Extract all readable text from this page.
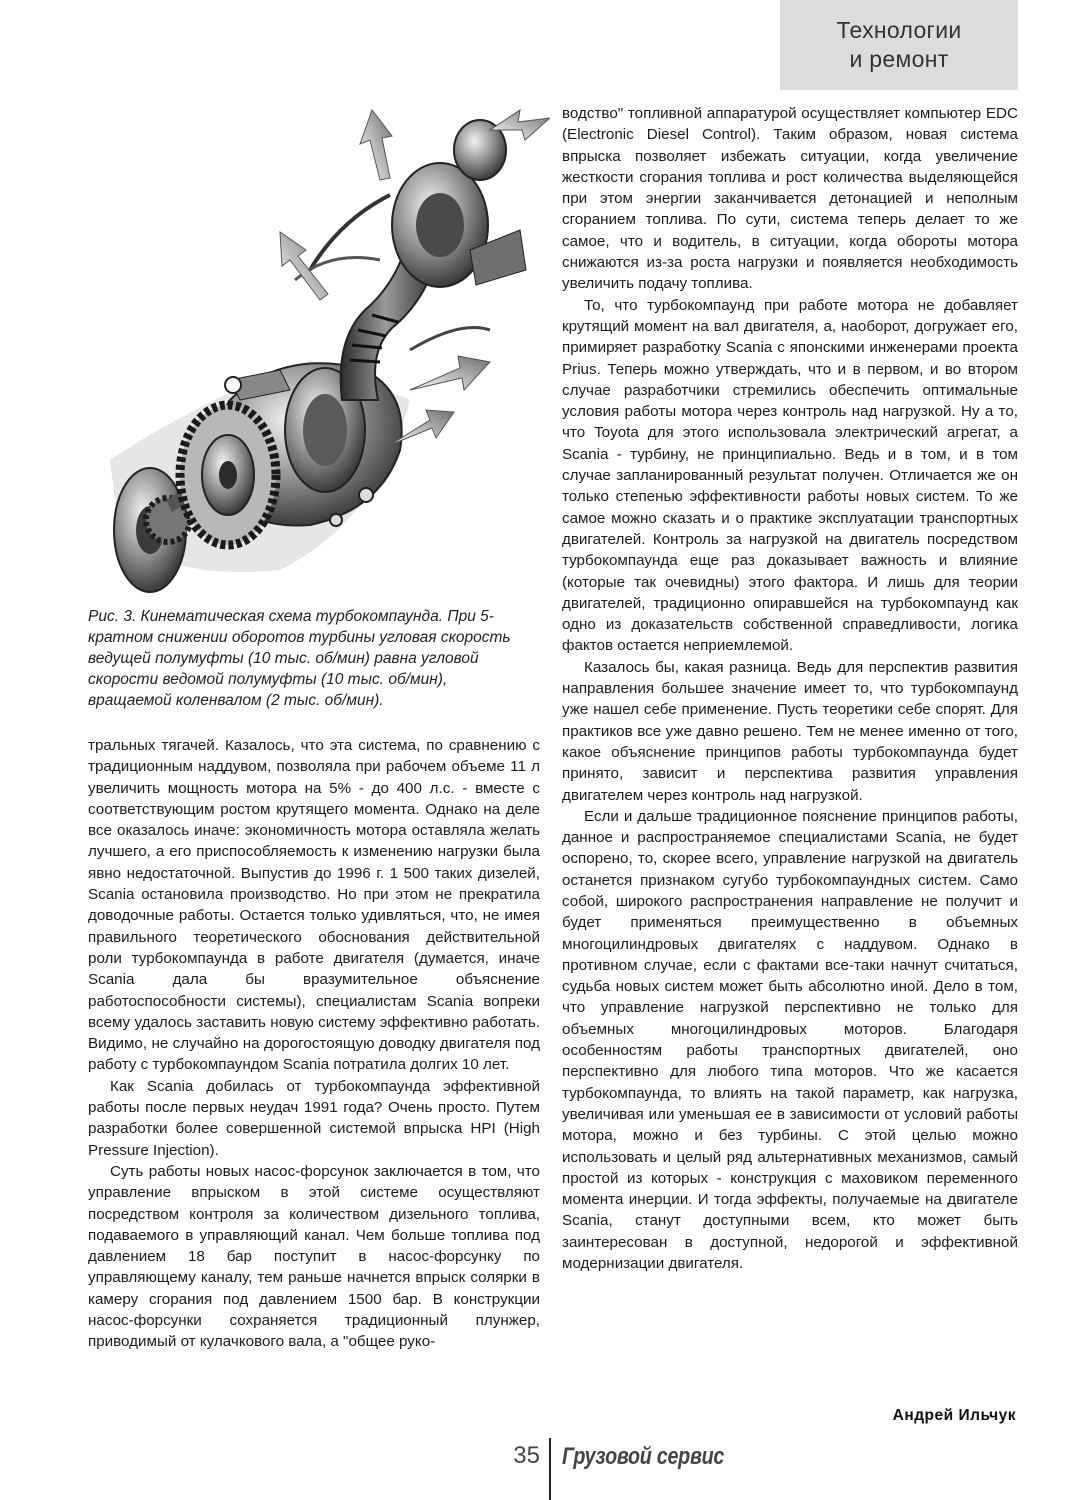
Технологии
и ремонт

Рис. 3. Кинематическая схема турбокомпаунда. При 5-кратном снижении оборотов турбины угловая скорость ведущей полумуфты (10 тыс. об/мин) равна угловой скорости ведомой полумуфты (10 тыс. об/мин), вращаемой коленвалом (2 тыс. об/мин).

тральных тягачей. Казалось, что эта система, по сравнению с традиционным наддувом, позволяла при рабочем объеме 11 л увеличить мощность мотора на 5% - до 400 л.с. - вместе с соответствующим ростом крутящего момента. Однако на деле все оказалось иначе: экономичность мотора оставляла желать лучшего, а его приспособляемость к изменению нагрузки была явно недостаточной. Выпустив до 1996 г. 1 500 таких дизелей, Scania остановила производство. Но при этом не прекратила доводочные работы. Остается только удивляться, что, не имея правильного теоретического обоснования действительной роли турбокомпаунда в работе двигателя (думается, иначе Scania дала бы вразумительное объяснение работоспособности системы), специалистам Scania вопреки всему удалось заставить новую систему эффективно работать. Видимо, не случайно на дорогостоящую доводку двигателя под работу с турбокомпаундом Scania потратила долгих 10 лет.

Как Scania добилась от турбокомпаунда эффективной работы после первых неудач 1991 года? Очень просто. Путем разработки более совершенной системой впрыска HPI (High Pressure Injection).

Суть работы новых насос-форсунок заключается в том, что управление впрыском в этой системе осуществляют посредством контроля за количеством дизельного топлива, подаваемого в управляющий канал. Чем больше топлива под давлением 18 бар поступит в насос-форсунку по управляющему каналу, тем раньше начнется впрыск солярки в камеру сгорания под давлением 1500 бар. В конструкции насос-форсунки сохраняется традиционный плунжер, приводимый от кулачкового вала, а "общее руко-

водство" топливной аппаратурой осуществляет компьютер EDC (Electronic Diesel Control). Таким образом, новая система впрыска позволяет избежать ситуации, когда увеличение жесткости сгорания топлива и рост количества выделяющейся при этом энергии заканчивается детонацией и неполным сгоранием топлива. По сути, система теперь делает то же самое, что и водитель, в ситуации, когда обороты мотора снижаются из-за роста нагрузки и появляется необходимость увеличить подачу топлива.

То, что турбокомпаунд при работе мотора не добавляет крутящий момент на вал двигателя, а, наоборот, догружает его, примиряет разработку Scania с японскими инженерами проекта Prius. Теперь можно утверждать, что и в первом, и во втором случае разработчики стремились обеспечить оптимальные условия работы мотора через контроль над нагрузкой. Ну а то, что Toyota для этого использовала электрический агрегат, а Scania - турбину, не принципиально. Ведь и в том, и в том случае запланированный результат получен. Отличается же он только степенью эффективности работы новых систем. То же самое можно сказать и о практике эксплуатации транспортных двигателей. Контроль за нагрузкой на двигатель посредством турбокомпаунда еще раз доказывает важность и влияние (которые так очевидны) этого фактора. И лишь для теории двигателей, традиционно опиравшейся на турбокомпаунд как одно из доказательств собственной справедливости, логика фактов остается неприемлемой.

Казалось бы, какая разница. Ведь для перспектив развития направления большее значение имеет то, что турбокомпаунд уже нашел себе применение. Пусть теоретики себе спорят. Для практиков все уже давно решено. Тем не менее именно от того, какое объяснение принципов работы турбокомпаунда будет принято, зависит и перспектива развития управления двигателем через контроль над нагрузкой.

Если и дальше традиционное пояснение принципов работы, данное и распространяемое специалистами Scania, не будет оспорено, то, скорее всего, управление нагрузкой на двигатель останется признаком сугубо турбокомпаундных систем. Само собой, широкого распространения направление не получит и будет применяться преимущественно в объемных многоцилиндровых двигателях с наддувом. Однако в противном случае, если с фактами все-таки начнут считаться, судьба новых систем может быть абсолютно иной. Дело в том, что управление нагрузкой перспективно не только для объемных многоцилиндровых моторов. Благодаря особенностям работы транспортных двигателей, оно перспективно для любого типа моторов. Что же касается турбокомпаунда, то влиять на такой параметр, как нагрузка, увеличивая или уменьшая ее в зависимости от условий работы мотора, можно и без турбины. С этой целью можно использовать и целый ряд альтернативных механизмов, самый простой из которых - конструкция с маховиком переменного момента инерции. И тогда эффекты, получаемые на двигателе Scania, станут доступными всем, кто может быть заинтересован в доступной, недорогой и эффективной модернизации двигателя.

Андрей Ильчук
35 Грузовой сервис
